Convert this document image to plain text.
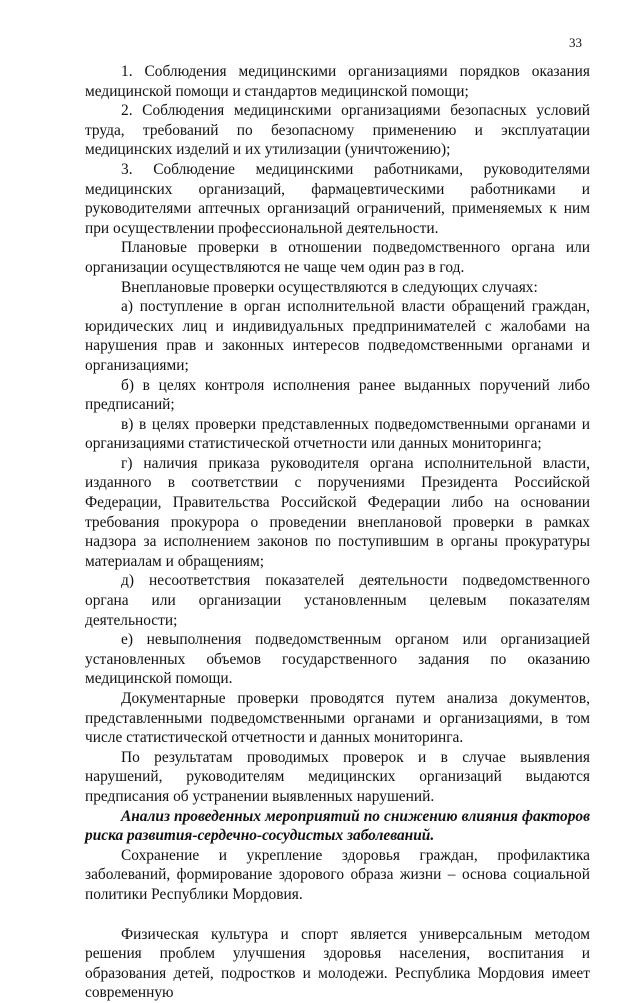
33

1. Соблюдения медицинскими организациями порядков оказания медицинской помощи и стандартов медицинской помощи;

2. Соблюдения медицинскими организациями безопасных условий труда, требований по безопасному применению и эксплуатации медицинских изделий и их утилизации (уничтожению);

3. Соблюдение медицинскими работниками, руководителями медицинских организаций, фармацевтическими работниками и руководителями аптечных организаций ограничений, применяемых к ним при осуществлении профессиональной деятельности.

Плановые проверки в отношении подведомственного органа или организации осуществляются не чаще чем один раз в год.

Внеплановые проверки осуществляются в следующих случаях:

а) поступление в орган исполнительной власти обращений граждан, юридических лиц и индивидуальных предпринимателей с жалобами на нарушения прав и законных интересов подведомственными органами и организациями;

б) в целях контроля исполнения ранее выданных поручений либо предписаний;

в) в целях проверки представленных подведомственными органами и организациями статистической отчетности или данных мониторинга;

г) наличия приказа руководителя органа исполнительной власти, изданного в соответствии с поручениями Президента Российской Федерации, Правительства Российской Федерации либо на основании требования прокурора о проведении внеплановой проверки в рамках надзора за исполнением законов по поступившим в органы прокуратуры материалам и обращениям;

д) несоответствия показателей деятельности подведомственного органа или организации установленным целевым показателям деятельности;

е) невыполнения подведомственным органом или организацией установленных объемов государственного задания по оказанию медицинской помощи.

Документарные проверки проводятся путем анализа документов, представленными подведомственными органами и организациями, в том числе статистической отчетности и данных мониторинга.

По результатам проводимых проверок и в случае выявления нарушений, руководителям медицинских организаций выдаются предписания об устранении выявленных нарушений.

Анализ проведенных мероприятий по снижению влияния факторов риска развития-сердечно-сосудистых заболеваний.

Сохранение и укрепление здоровья граждан, профилактика заболеваний, формирование здорового образа жизни – основа социальной политики Республики Мордовия.

Физическая культура и спорт является универсальным методом решения проблем улучшения здоровья населения, воспитания и образования детей, подростков и молодежи. Республика Мордовия имеет современную
